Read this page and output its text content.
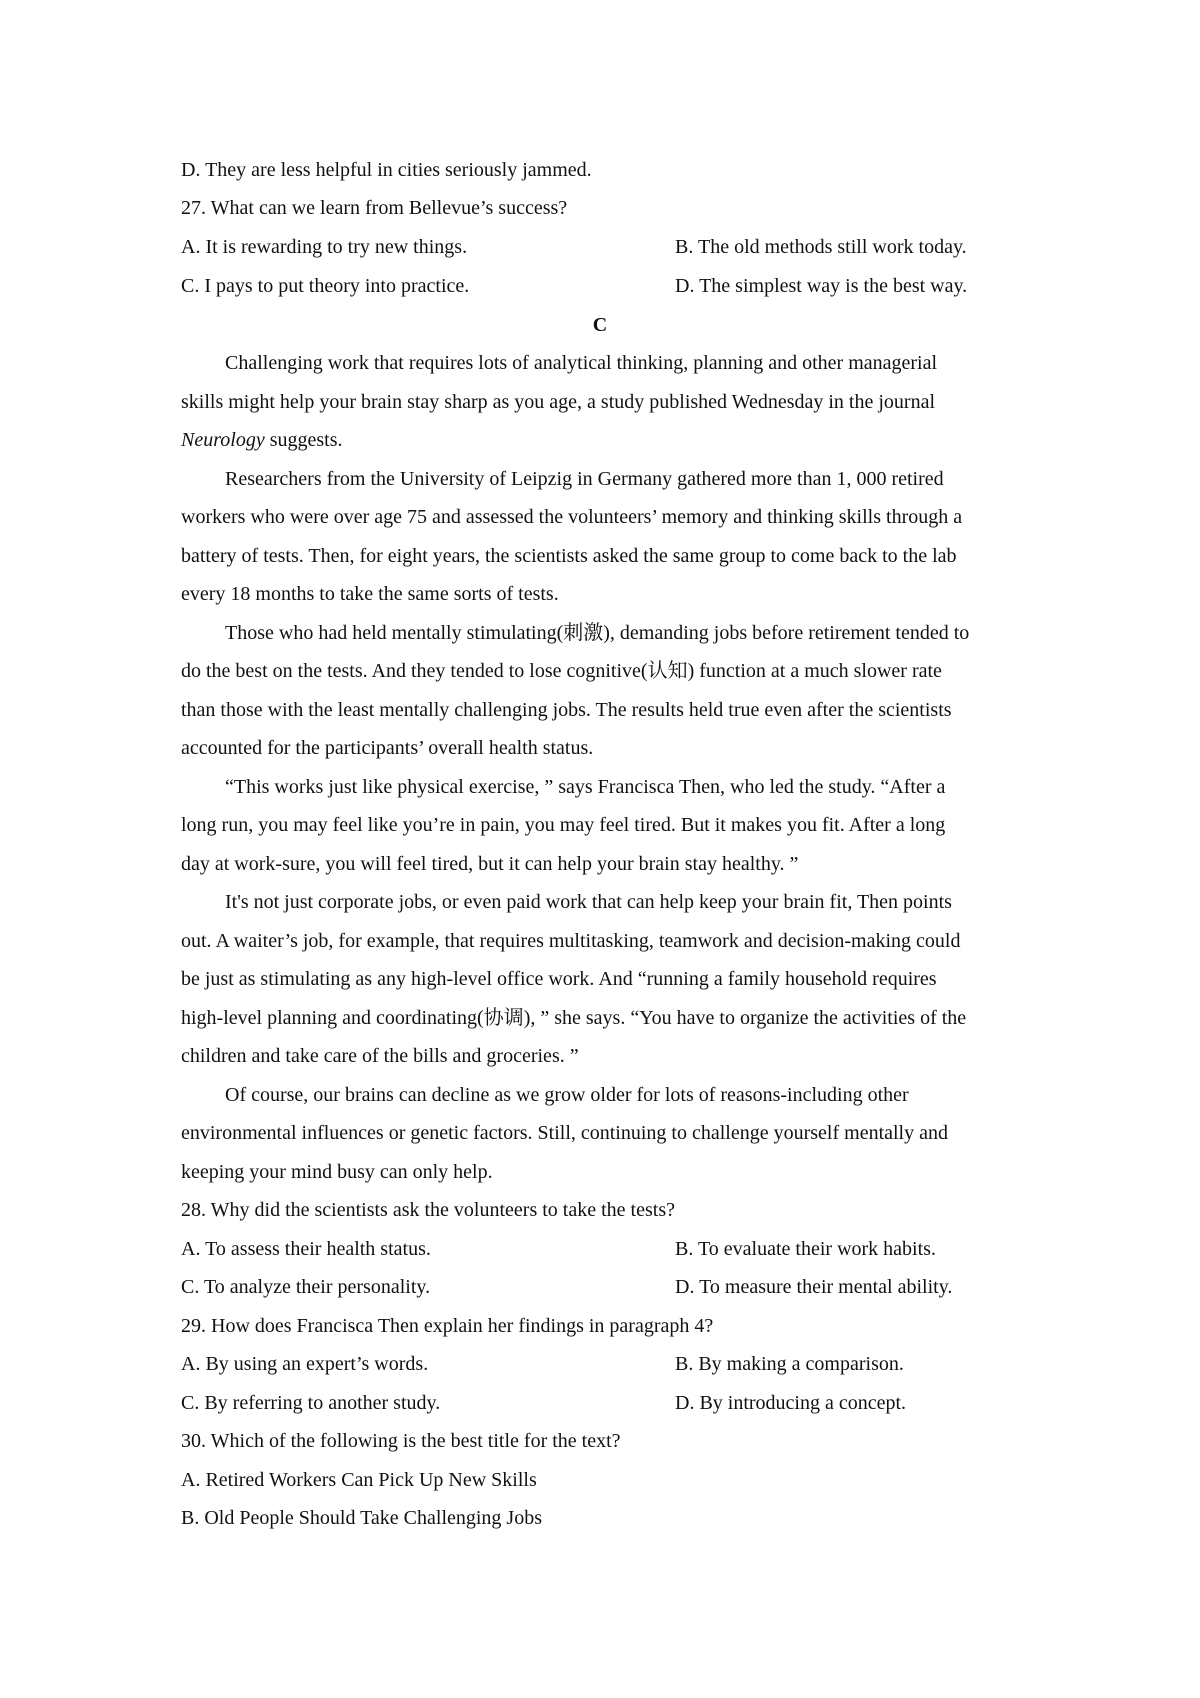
D. They are less helpful in cities seriously jammed.
27. What can we learn from Bellevue’s success?
A. It is rewarding to try new things.	B. The old methods still work today.
C. I pays to put theory into practice.	D. The simplest way is the best way.
C
Challenging work that requires lots of analytical thinking, planning and other managerial
skills might help your brain stay sharp as you age, a study published Wednesday in the journal
Neurology suggests.
Researchers from the University of Leipzig in Germany gathered more than 1, 000 retired
workers who were over age 75 and assessed the volunteers’ memory and thinking skills through a
battery of tests. Then, for eight years, the scientists asked the same group to come back to the lab
every 18 months to take the same sorts of tests.
Those who had held mentally stimulating(刺激), demanding jobs before retirement tended to
do the best on the tests. And they tended to lose cognitive(认知) function at a much slower rate
than those with the least mentally challenging jobs. The results held true even after the scientists
accounted for the participants’ overall health status.
“This works just like physical exercise, ” says Francisca Then, who led the study. “After a
long run, you may feel like you’re in pain, you may feel tired. But it makes you fit. After a long
day at work-sure, you will feel tired, but it can help your brain stay healthy. ”
It's not just corporate jobs, or even paid work that can help keep your brain fit, Then points
out. A waiter’s job, for example, that requires multitasking, teamwork and decision-making could
be just as stimulating as any high-level office work. And “running a family household requires
high-level planning and coordinating(协调), ” she says. “You have to organize the activities of the
children and take care of the bills and groceries. ”
Of course, our brains can decline as we grow older for lots of reasons-including other
environmental influences or genetic factors. Still, continuing to challenge yourself mentally and
keeping your mind busy can only help.
28. Why did the scientists ask the volunteers to take the tests?
A. To assess their health status.	B. To evaluate their work habits.
C. To analyze their personality.	D. To measure their mental ability.
29. How does Francisca Then explain her findings in paragraph 4?
A. By using an expert’s words.	B. By making a comparison.
C. By referring to another study.	D. By introducing a concept.
30. Which of the following is the best title for the text?
A. Retired Workers Can Pick Up New Skills
B. Old People Should Take Challenging Jobs
